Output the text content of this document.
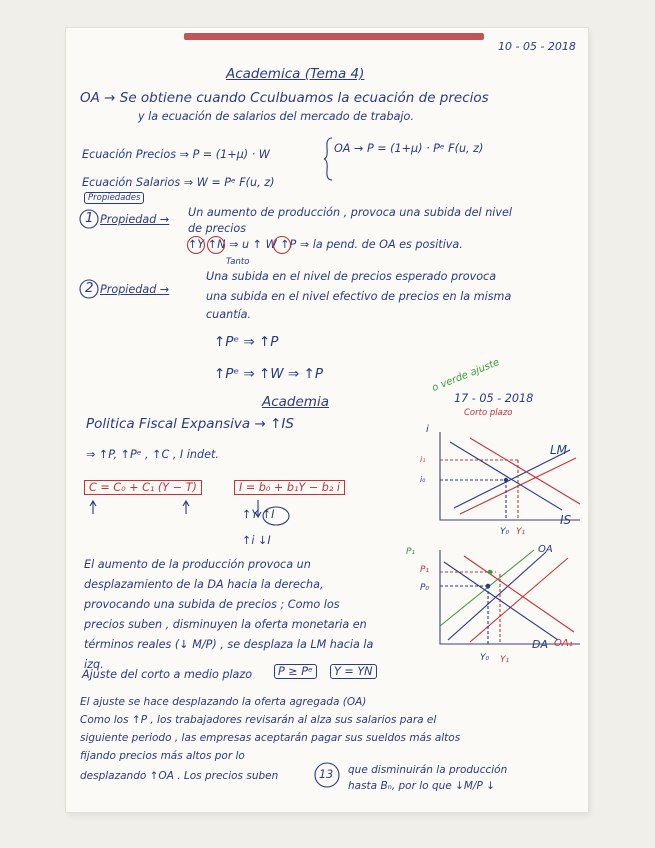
10 - 05 - 2018
Academica (Tema 4)
OA → Se obtiene cuando Cculbuamos la ecuación de precios
y la ecuación de salarios del mercado de trabajo.
Ecuación Precios ⇒ P = (1+μ) · W
Ecuación Salarios ⇒ W = Pᵉ F(u, z)
OA → P = (1+μ) · Pᵉ F(u, z)
Propiedades
1 Propiedad →
Un aumento de producción , provoca una subida del nivel
de precios
↑Y ↑N ⇒ u ↑ W ↑P ⇒ la pend. de OA es positiva.
Tanto
2 Propiedad →
Una subida en el nivel de precios esperado provoca
una subida en el nivel efectivo de precios en la misma
cuantía.
↑Pᵉ ⇒ ↑P
↑Pᵉ ⇒ ↑W ⇒ ↑P	o verde ajuste
17 - 05 - 2018
Corto plazo
Academia
Politica Fiscal Expansiva → ↑IS
⇒ ↑P, ↑Pᵉ , ↑C , I indet.
C = C₀ + C₁ (Y − T)	I = b₀ + b₁Y − b₂ i
↑Y ↑I
↑i ↓I
i
i₁
i₀
LM
IS
Y₀ Y₁
P₁
P₁
P₀
OA
DA OA₁
Y₀ Y₁
El aumento de la producción provoca un
desplazamiento de la DA hacia la derecha,
provocando una subida de precios ; Como los
precios suben , disminuyen la oferta monetaria en
términos reales (↓ M/P) , se desplaza la LM hacia la
izq.
Ajuste del corto a medio plazo	P ≥ Pᵉ	Y = YN
El ajuste se hace desplazando la oferta agregada (OA)
Como los ↑P , los trabajadores revisarán al alza sus salarios para el
siguiente periodo , las empresas aceptarán pagar sus sueldos más altos
fijando precios más altos por lo
desplazando ↑OA . Los precios suben	13 que disminuirán la producción
hasta Bₙ, por lo que ↓M/P ↓
